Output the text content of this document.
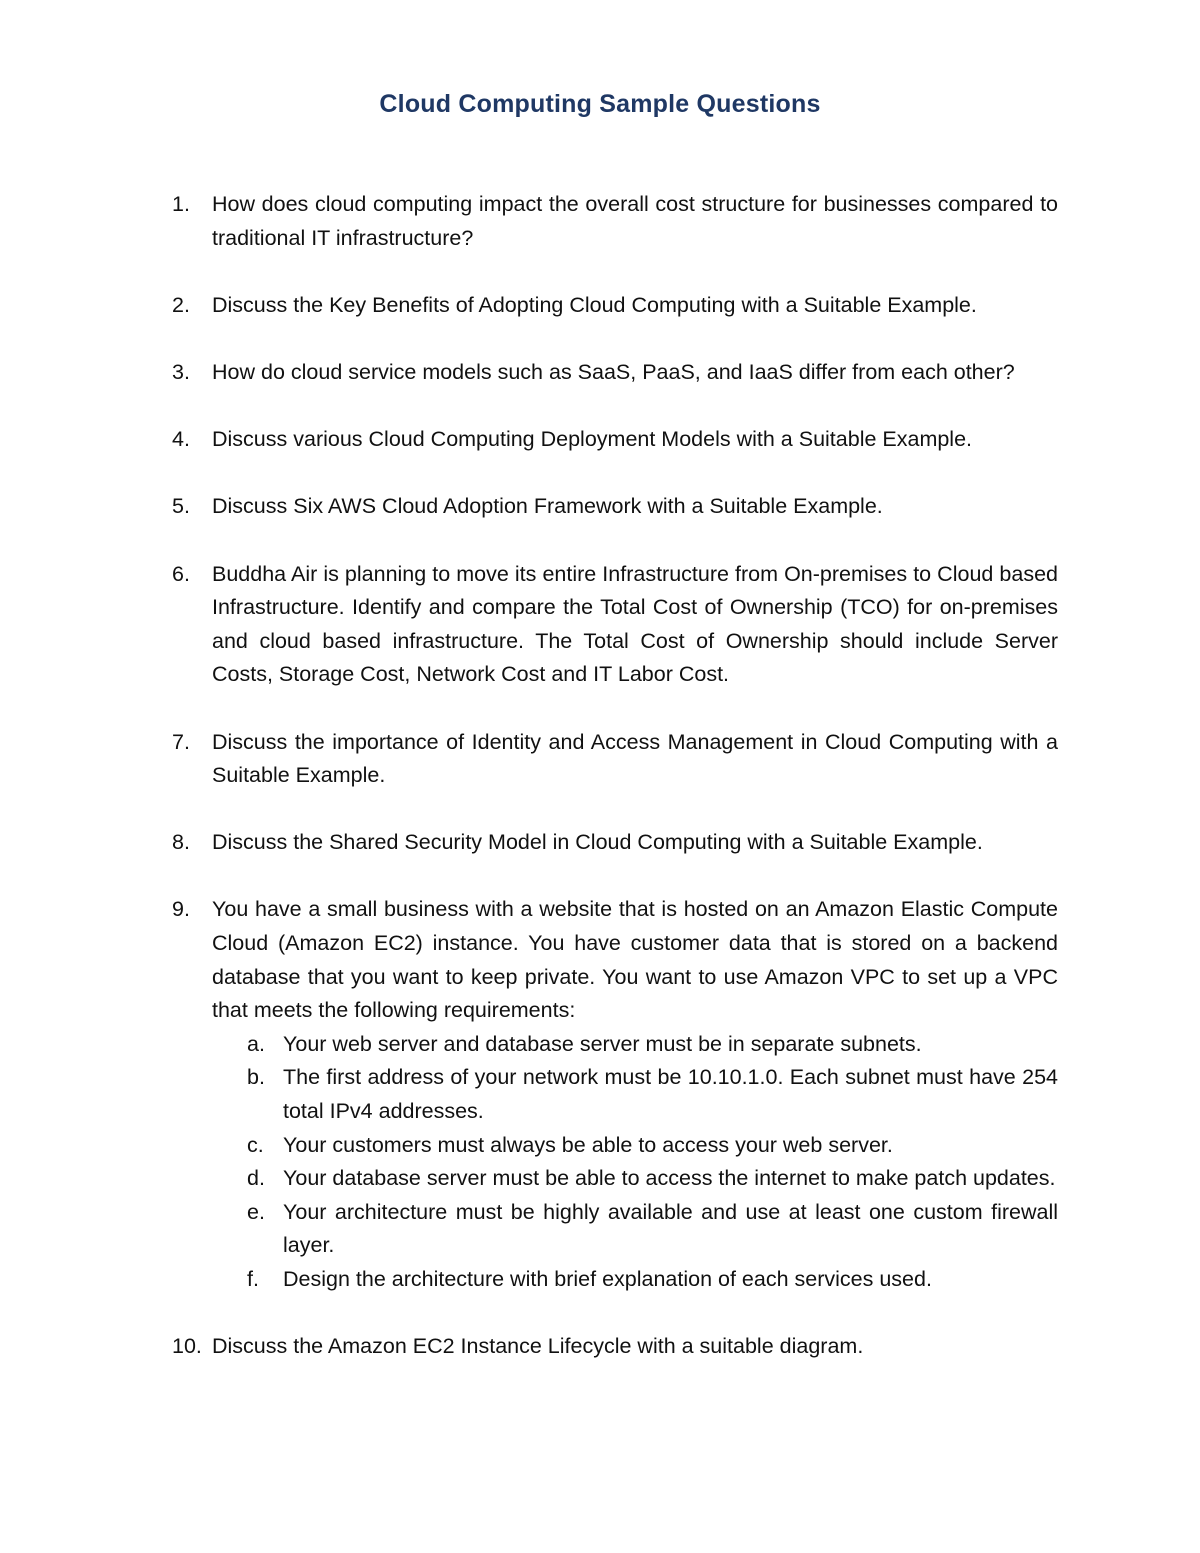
Cloud Computing Sample Questions
1. How does cloud computing impact the overall cost structure for businesses compared to traditional IT infrastructure?
2. Discuss the Key Benefits of Adopting Cloud Computing with a Suitable Example.
3. How do cloud service models such as SaaS, PaaS, and IaaS differ from each other?
4. Discuss various Cloud Computing Deployment Models with a Suitable Example.
5. Discuss Six AWS Cloud Adoption Framework with a Suitable Example.
6. Buddha Air is planning to move its entire Infrastructure from On-premises to Cloud based Infrastructure. Identify and compare the Total Cost of Ownership (TCO) for on-premises and cloud based infrastructure. The Total Cost of Ownership should include Server Costs, Storage Cost, Network Cost and IT Labor Cost.
7. Discuss the importance of Identity and Access Management in Cloud Computing with a Suitable Example.
8. Discuss the Shared Security Model in Cloud Computing with a Suitable Example.
9. You have a small business with a website that is hosted on an Amazon Elastic Compute Cloud (Amazon EC2) instance. You have customer data that is stored on a backend database that you want to keep private. You want to use Amazon VPC to set up a VPC that meets the following requirements:
a. Your web server and database server must be in separate subnets.
b. The first address of your network must be 10.10.1.0. Each subnet must have 254 total IPv4 addresses.
c. Your customers must always be able to access your web server.
d. Your database server must be able to access the internet to make patch updates.
e. Your architecture must be highly available and use at least one custom firewall layer.
f. Design the architecture with brief explanation of each services used.
10. Discuss the Amazon EC2 Instance Lifecycle with a suitable diagram.
